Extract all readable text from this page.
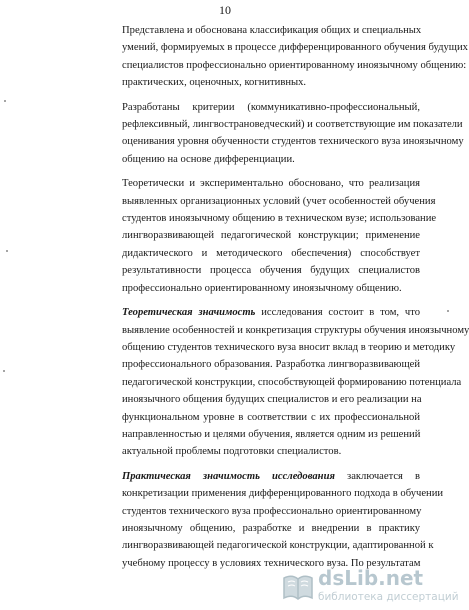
10

Представлена и обоснована классификация общих и специальных
умений, формируемых в процессе дифференцированного обучения будущих
специалистов профессионально ориентированному иноязычному общению:
практических, оценочных, когнитивных.

Разработаны критерии (коммуникативно-профессиональный,
рефлексивный, лингвострановедческий) и соответствующие им показатели
оценивания уровня обученности студентов технического вуза иноязычному
общению на основе дифференциации.

Теоретически и экспериментально обосновано, что реализация
выявленных организационных условий (учет особенностей обучения
студентов иноязычному общению в техническом вузе; использование
лингворазвивающей педагогической конструкции; применение
дидактического и методического обеспечения) способствует
результативности процесса обучения будущих специалистов
профессионально ориентированному иноязычному общению.

Теоретическая значимость исследования состоит в том, что
выявление особенностей и конкретизация структуры обучения иноязычному
общению студентов технического вуза вносит вклад в теорию и методику
профессионального образования. Разработка лингворазвивающей
педагогической конструкции, способствующей формированию потенциала
иноязычного общения будущих специалистов и его реализации на
функциональном уровне в соответствии с их профессиональной
направленностью и целями обучения, является одним из решений
актуальной проблемы подготовки специалистов.

Практическая значимость исследования заключается в
конкретизации применения дифференцированного подхода в обучении
студентов технического вуза профессионально ориентированному
иноязычному общению, разработке и внедрении в практику
лингворазвивающей педагогической конструкции, адаптированной к
учебному процессу в условиях технического вуза. По результатам

dsLib.net
библиотека диссертаций
